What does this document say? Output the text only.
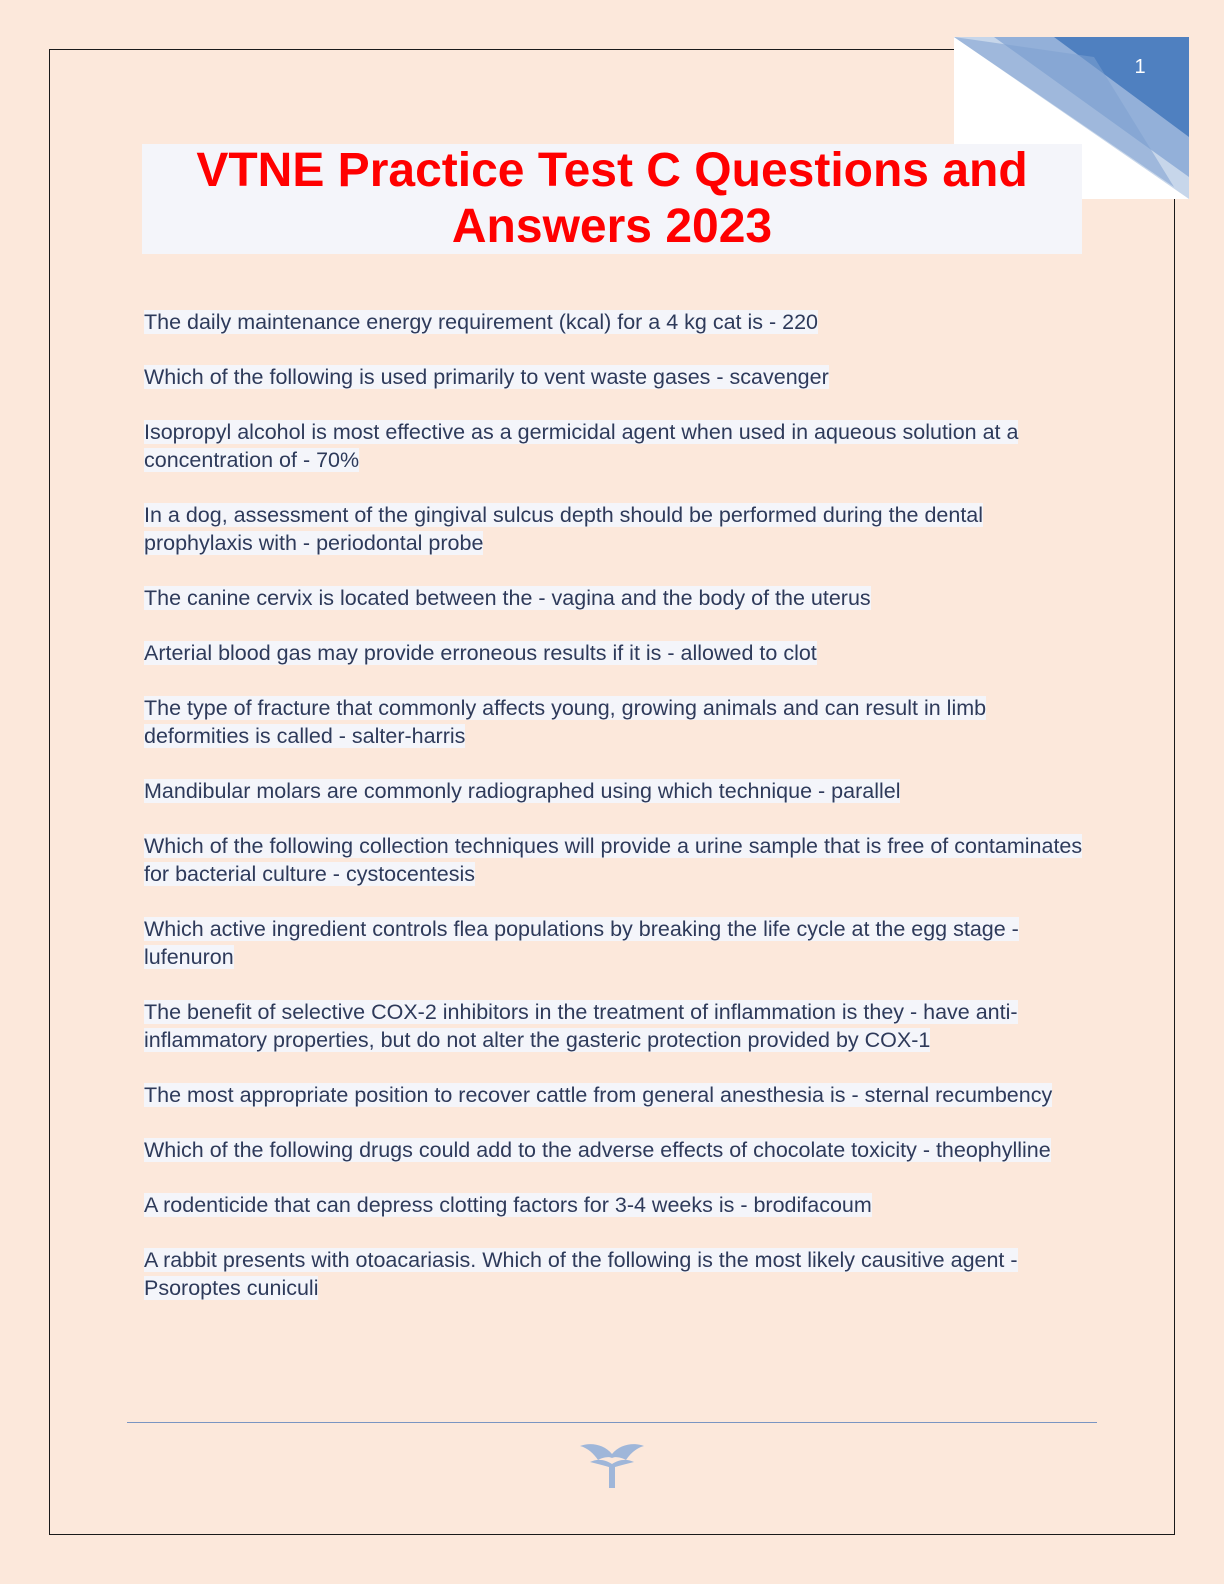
1
VTNE Practice Test C Questions and Answers 2023
The daily maintenance energy requirement (kcal) for a 4 kg cat is - 220
Which of the following is used primarily to vent waste gases - scavenger
Isopropyl alcohol is most effective as a germicidal agent when used in aqueous solution at a concentration of - 70%
In a dog, assessment of the gingival sulcus depth should be performed during the dental prophylaxis with - periodontal probe
The canine cervix is located between the - vagina and the body of the uterus
Arterial blood gas may provide erroneous results if it is - allowed to clot
The type of fracture that commonly affects young, growing animals and can result in limb deformities is called - salter-harris
Mandibular molars are commonly radiographed using which technique - parallel
Which of the following collection techniques will provide a urine sample that is free of contaminates for bacterial culture - cystocentesis
Which active ingredient controls flea populations by breaking the life cycle at the egg stage - lufenuron
The benefit of selective COX-2 inhibitors in the treatment of inflammation is they - have anti-inflammatory properties, but do not alter the gasteric protection provided by COX-1
The most appropriate position to recover cattle from general anesthesia is - sternal recumbency
Which of the following drugs could add to the adverse effects of chocolate toxicity - theophylline
A rodenticide that can depress clotting factors for 3-4 weeks is - brodifacoum
A rabbit presents with otoacariasis. Which of the following is the most likely causitive agent - Psoroptes cuniculi
